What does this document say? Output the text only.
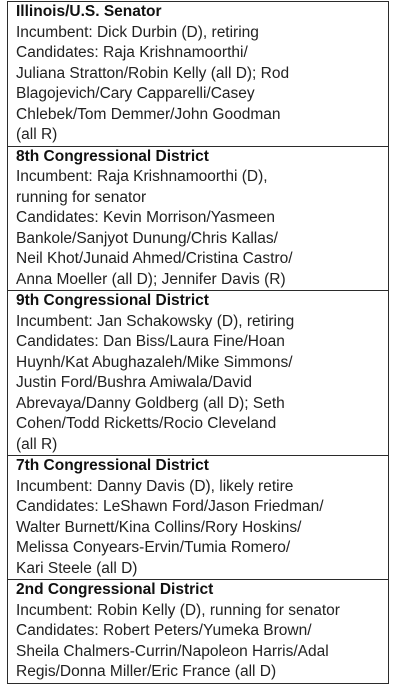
Illinois/U.S. Senator
Incumbent: Dick Durbin (D), retiring
Candidates: Raja Krishnamoorthi/
Juliana Stratton/Robin Kelly (all D); Rod
Blagojevich/Cary Capparelli/Casey
Chlebek/Tom Demmer/John Goodman
(all R)
8th Congressional District
Incumbent: Raja Krishnamoorthi (D),
running for senator
Candidates: Kevin Morrison/Yasmeen
Bankole/Sanjyot Dunung/Chris Kallas/
Neil Khot/Junaid Ahmed/Cristina Castro/
Anna Moeller (all D); Jennifer Davis (R)
9th Congressional District
Incumbent: Jan Schakowsky (D), retiring
Candidates: Dan Biss/Laura Fine/Hoan
Huynh/Kat Abughazaleh/Mike Simmons/
Justin Ford/Bushra Amiwala/David
Abrevaya/Danny Goldberg (all D); Seth
Cohen/Todd Ricketts/Rocio Cleveland
(all R)
7th Congressional District
Incumbent: Danny Davis (D), likely retire
Candidates: LeShawn Ford/Jason Friedman/
Walter Burnett/Kina Collins/Rory Hoskins/
Melissa Conyears-Ervin/Tumia Romero/
Kari Steele (all D)
2nd Congressional District
Incumbent: Robin Kelly (D), running for senator
Candidates: Robert Peters/Yumeka Brown/
Sheila Chalmers-Currin/Napoleon Harris/Adal
Regis/Donna Miller/Eric France (all D)
